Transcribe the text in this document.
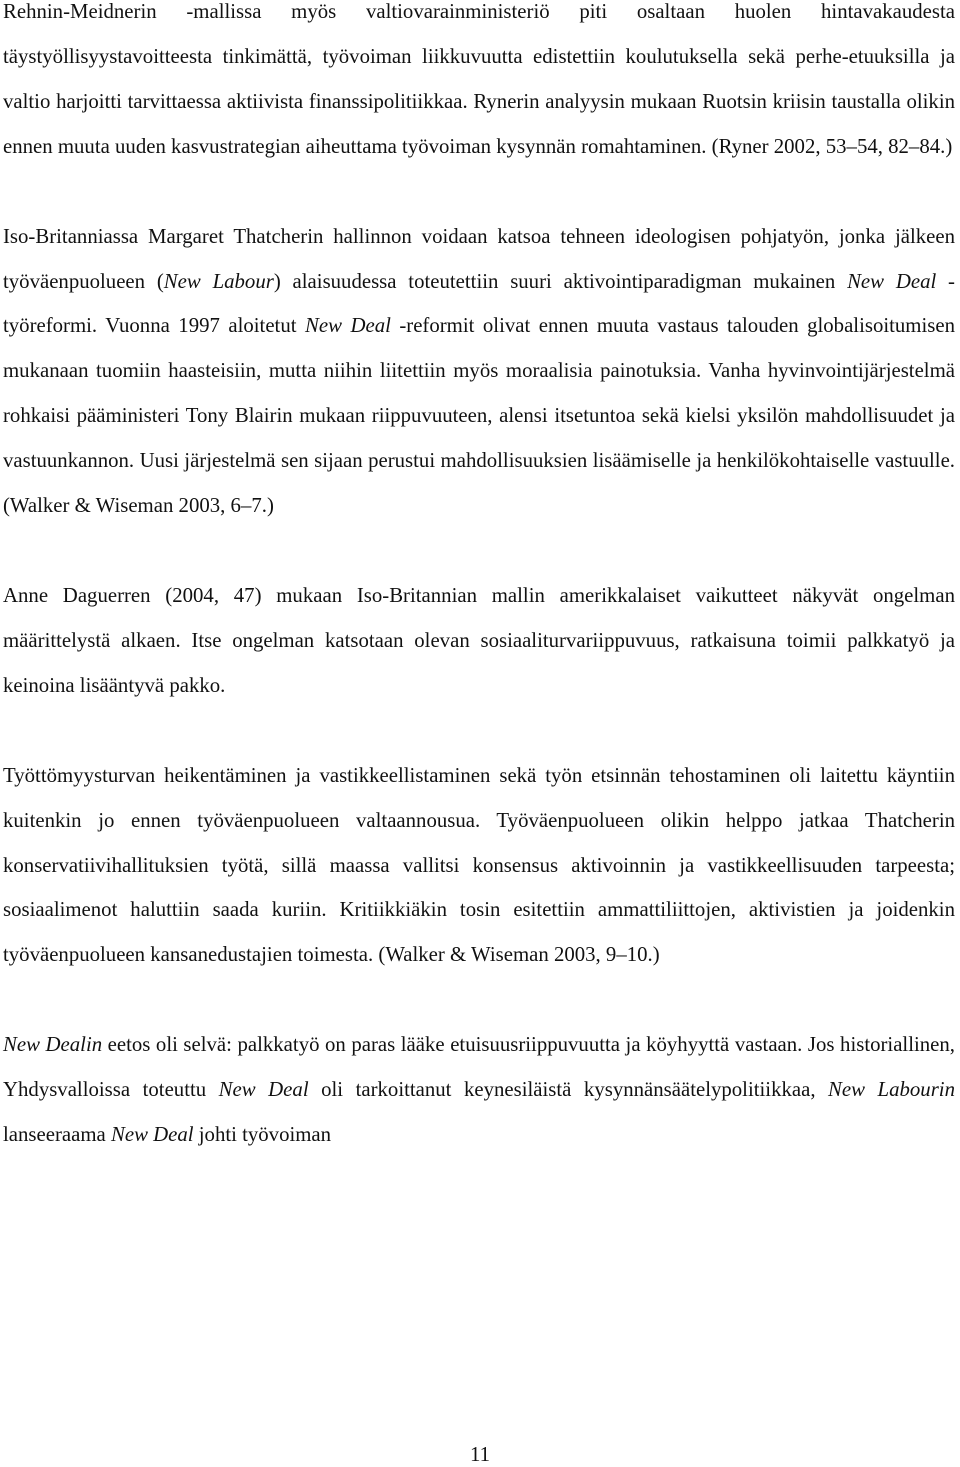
Rehnin-Meidnerin -mallissa myös valtiovarainministeriö piti osaltaan huolen hintavakaudesta täystyöllisyystavoitteesta tinkimättä, työvoiman liikkuvuutta edistettiin koulutuksella sekä perhe-etuuksilla ja valtio harjoitti tarvittaessa aktiivista finanssipolitiikkaa. Rynerin analyysin mukaan Ruotsin kriisin taustalla olikin ennen muuta uuden kasvustrategian aiheuttama työvoiman kysynnän romahtaminen. (Ryner 2002, 53–54, 82–84.)

Iso-Britanniassa Margaret Thatcherin hallinnon voidaan katsoa tehneen ideologisen pohjatyön, jonka jälkeen työväenpuolueen (New Labour) alaisuudessa toteutettiin suuri aktivointiparadigman mukainen New Deal -työreformi. Vuonna 1997 aloitetut New Deal -reformit olivat ennen muuta vastaus talouden globalisoitumisen mukanaan tuomiin haasteisiin, mutta niihin liitettiin myös moraalisia painotuksia. Vanha hyvinvointijärjestelmä rohkaisi pääministeri Tony Blairin mukaan riippuvuuteen, alensi itsetuntoa sekä kielsi yksilön mahdollisuudet ja vastuunkannon. Uusi järjestelmä sen sijaan perustui mahdollisuuksien lisäämiselle ja henkilökohtaiselle vastuulle. (Walker & Wiseman 2003, 6–7.)

Anne Daguerren (2004, 47) mukaan Iso-Britannian mallin amerikkalaiset vaikutteet näkyvät ongelman määrittelystä alkaen. Itse ongelman katsotaan olevan sosiaaliturvariippuvuus, ratkaisuna toimii palkkatyö ja keinoina lisääntyvä pakko.

Työttömyysturvan heikentäminen ja vastikkeellistaminen sekä työn etsinnän tehostaminen oli laitettu käyntiin kuitenkin jo ennen työväenpuolueen valtaannousua. Työväenpuolueen olikin helppo jatkaa Thatcherin konservatiivihallituksien työtä, sillä maassa vallitsi konsensus aktivoinnin ja vastikkeellisuuden tarpeesta; sosiaalimenot haluttiin saada kuriin. Kritiikkiäkin tosin esitettiin ammattiliittojen, aktivistien ja joidenkin työväenpuolueen kansanedustajien toimesta. (Walker & Wiseman 2003, 9–10.)

New Dealin eetos oli selvä: palkkatyö on paras lääke etuisuusriippuvuutta ja köyhyyttä vastaan. Jos historiallinen, Yhdysvalloissa toteuttu New Deal oli tarkoittanut keynesiläistä kysynnänsäätelypolitiikkaa, New Labourin lanseeraama New Deal johti työvoiman

11
